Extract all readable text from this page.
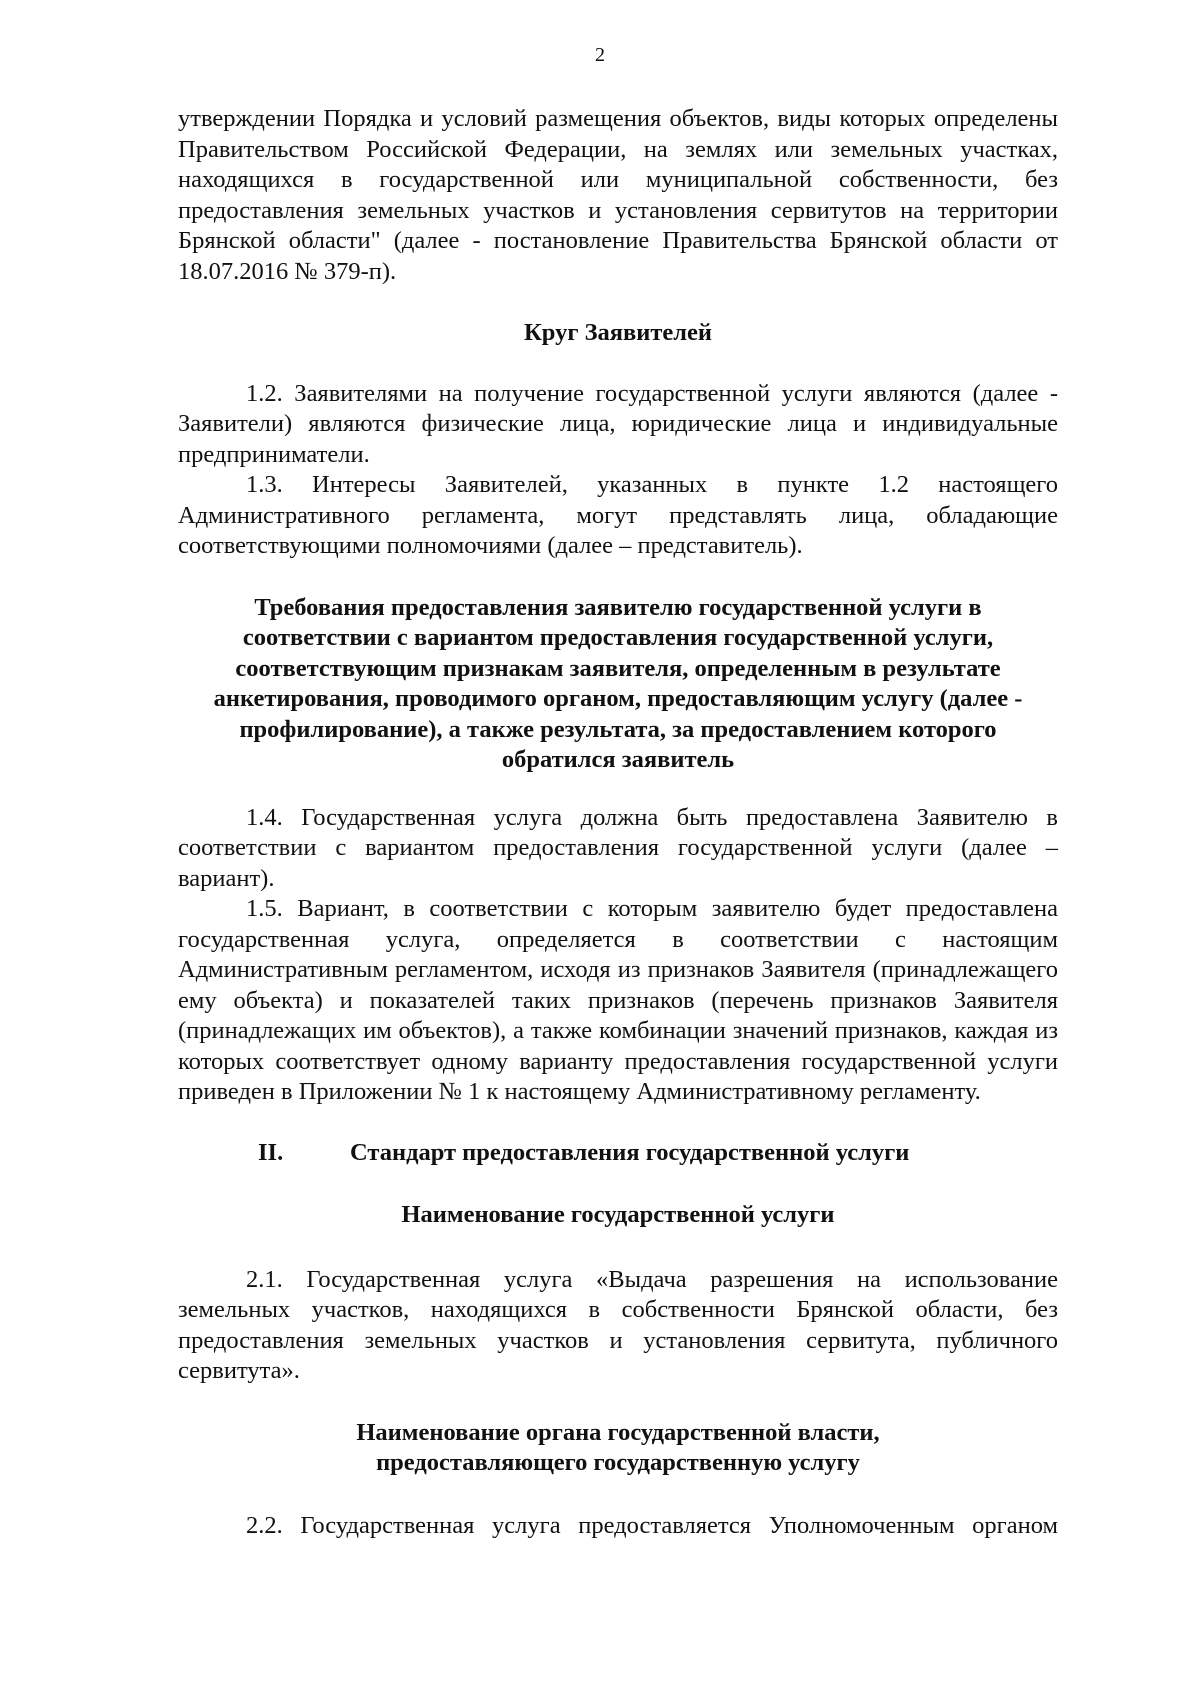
2

утверждении Порядка и условий размещения объектов, виды которых определены Правительством Российской Федерации, на землях или земельных участках, находящихся в государственной или муниципальной собственности, без предоставления земельных участков и установления сервитутов на территории Брянской области" (далее - постановление Правительства Брянской области от 18.07.2016 № 379-п).

Круг Заявителей

1.2. Заявителями на получение государственной услуги являются (далее - Заявители) являются физические лица, юридические лица и индивидуальные предприниматели.

1.3. Интересы Заявителей, указанных в пункте 1.2 настоящего Административного регламента, могут представлять лица, обладающие соответствующими полномочиями (далее – представитель).

Требования предоставления заявителю государственной услуги в соответствии с вариантом предоставления государственной услуги, соответствующим признакам заявителя, определенным в результате анкетирования, проводимого органом, предоставляющим услугу (далее - профилирование), а также результата, за предоставлением которого обратился заявитель

1.4. Государственная услуга должна быть предоставлена Заявителю в соответствии с вариантом предоставления государственной услуги (далее – вариант).

1.5. Вариант, в соответствии с которым заявителю будет предоставлена государственная услуга, определяется в соответствии с настоящим Административным регламентом, исходя из признаков Заявителя (принадлежащего ему объекта) и показателей таких признаков (перечень признаков Заявителя (принадлежащих им объектов), а также комбинации значений признаков, каждая из которых соответствует одному варианту предоставления государственной услуги приведен в Приложении № 1 к настоящему Административному регламенту.

II.	Стандарт предоставления государственной услуги

Наименование государственной услуги

2.1. Государственная услуга «Выдача разрешения на использование земельных участков, находящихся в собственности Брянской области, без предоставления земельных участков и установления сервитута, публичного сервитута».

Наименование органа государственной власти,

предоставляющего государственную услугу

2.2. Государственная услуга предоставляется Уполномоченным органом
